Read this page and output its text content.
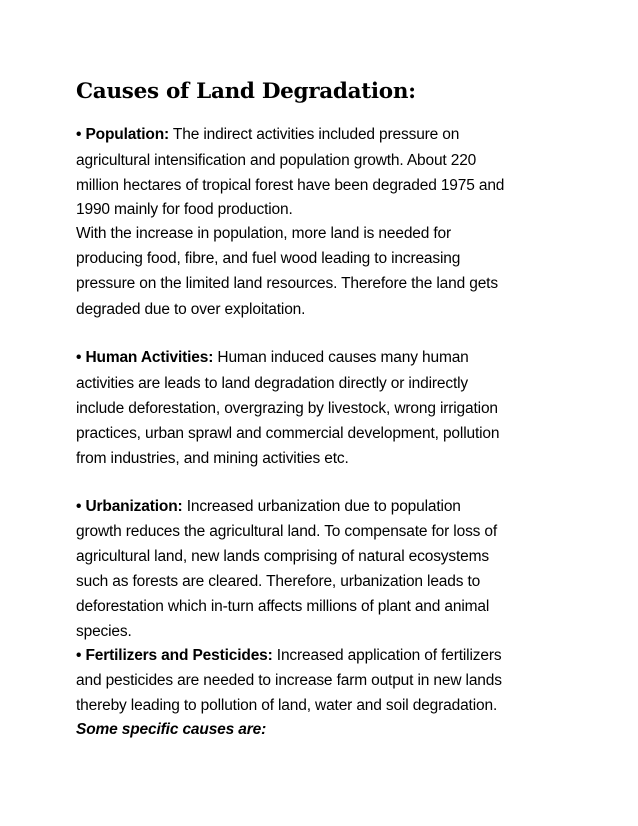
Causes of Land Degradation:
• Population: The indirect activities included pressure on
agricultural intensification and population growth. About 220
million hectares of tropical forest have been degraded 1975 and
1990 mainly for food production.
With the increase in population, more land is needed for
producing food, fibre, and fuel wood leading to increasing
pressure on the limited land resources. Therefore the land gets
degraded due to over exploitation.
• Human Activities: Human induced causes many human
activities are leads to land degradation directly or indirectly
include deforestation, overgrazing by livestock, wrong irrigation
practices, urban sprawl and commercial development, pollution
from industries, and mining activities etc.
• Urbanization: Increased urbanization due to population
growth reduces the agricultural land. To compensate for loss of
agricultural land, new lands comprising of natural ecosystems
such as forests are cleared. Therefore, urbanization leads to
deforestation which in-turn affects millions of plant and animal
species.
• Fertilizers and Pesticides: Increased application of fertilizers
and pesticides are needed to increase farm output in new lands
thereby leading to pollution of land, water and soil degradation.
Some specific causes are:
